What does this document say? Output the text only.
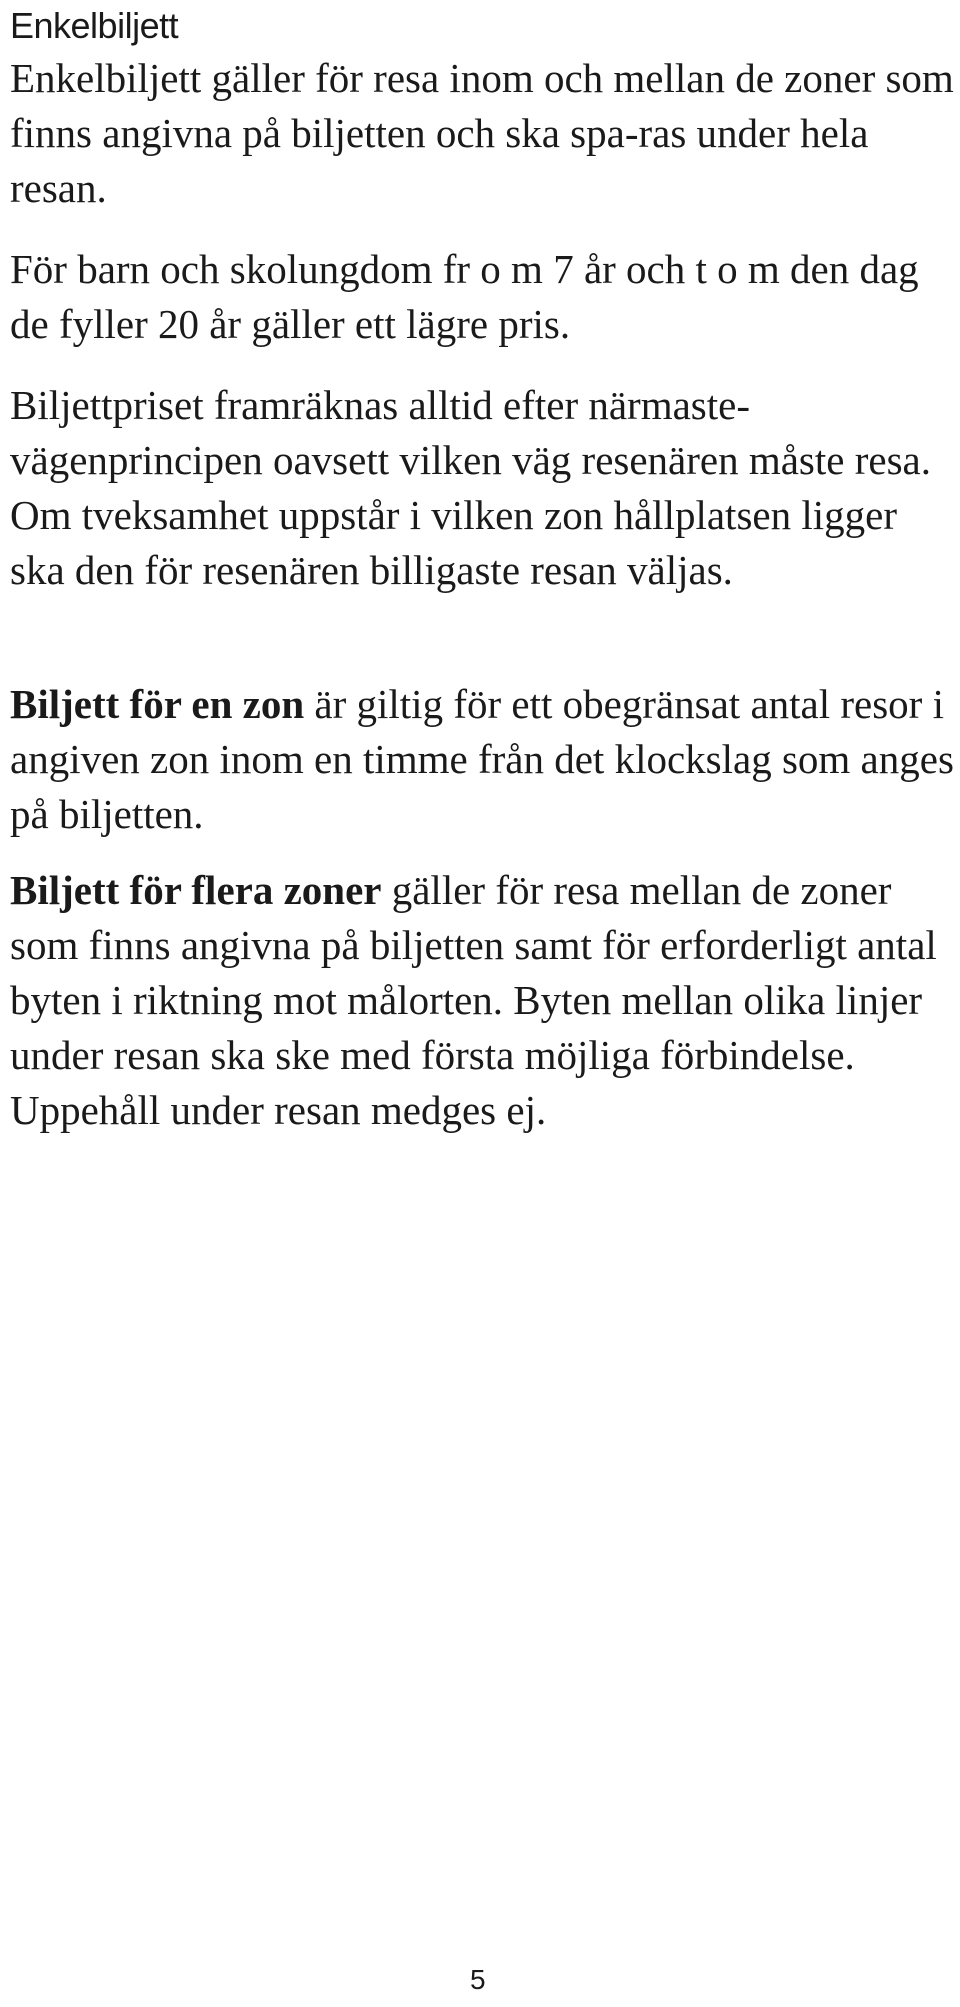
Enkelbiljett

Enkelbiljett gäller för resa inom och mellan de zoner som finns angivna på biljetten och ska spa-ras under hela resan.

För barn och skolungdom fr o m 7 år och t o m den dag de fyller 20 år gäller ett lägre pris.

Biljettpriset framräknas alltid efter närmaste-vägenprincipen oavsett vilken väg resenären måste resa. Om tveksamhet uppstår i vilken zon hållplatsen ligger ska den för resenären billigaste resan väljas.

Biljett för en zon är giltig för ett obegränsat antal resor i angiven zon inom en timme från det klockslag som anges på biljetten.

Biljett för flera zoner gäller för resa mellan de zoner som finns angivna på biljetten samt för erforderligt antal byten i riktning mot målorten. Byten mellan olika linjer under resan ska ske med första möjliga förbindelse. Uppehåll under resan medges ej.

5
